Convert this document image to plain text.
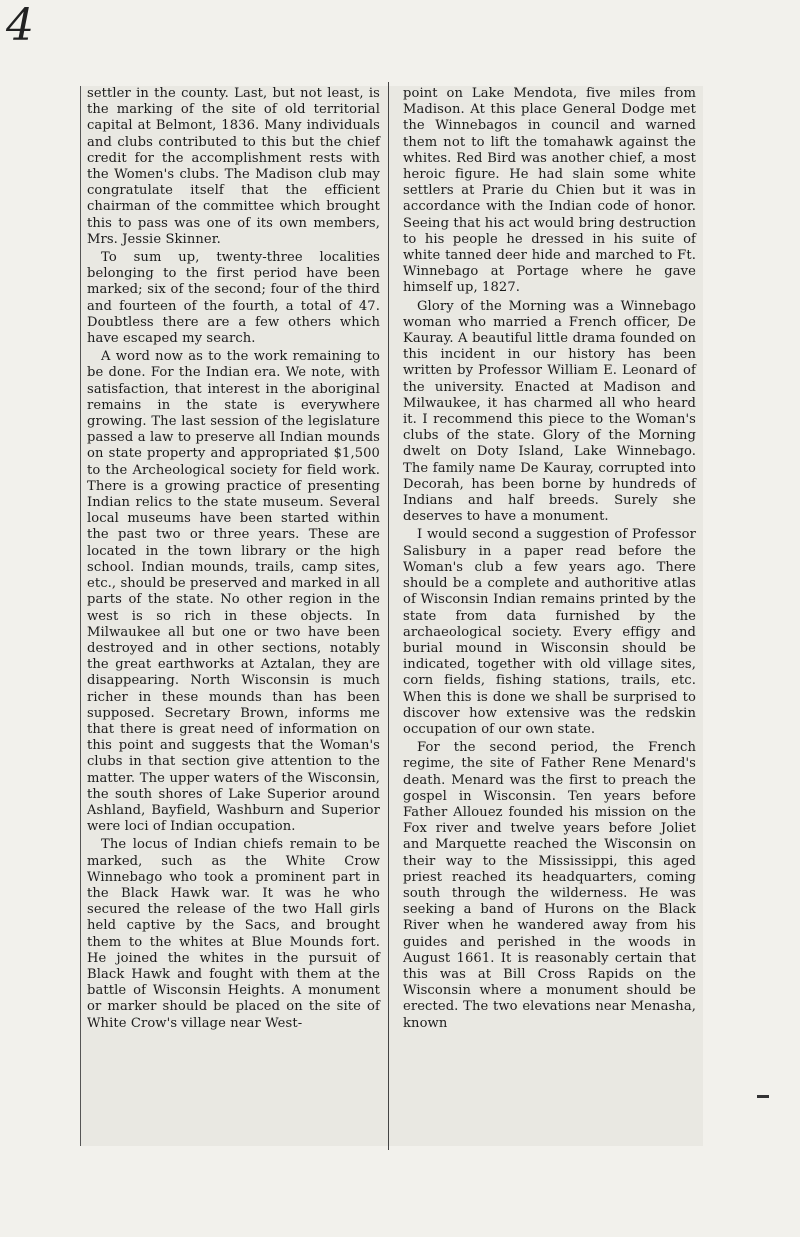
4

settler in the county. Last, but not least, is the marking of the site of old territorial capital at Belmont, 1836. Many individuals and clubs contributed to this but the chief credit for the accomplishment rests with the Women's clubs. The Madison club may congratulate itself that the efficient chairman of the committee which brought this to pass was one of its own members, Mrs. Jessie Skinner.

To sum up, twenty-three localities belonging to the first period have been marked; six of the second; four of the third and fourteen of the fourth, a total of 47. Doubtless there are a few others which have escaped my search.

A word now as to the work remaining to be done. For the Indian era. We note, with satisfaction, that interest in the aboriginal remains in the state is everywhere growing. The last session of the legislature passed a law to preserve all Indian mounds on state property and appropriated $1,500 to the Archeological society for field work. There is a growing practice of presenting Indian relics to the state museum. Several local museums have been started within the past two or three years. These are located in the town library or the high school. Indian mounds, trails, camp sites, etc., should be preserved and marked in all parts of the state. No other region in the west is so rich in these objects. In Milwaukee all but one or two have been destroyed and in other sections, notably the great earthworks at Aztalan, they are disappearing. North Wisconsin is much richer in these mounds than has been supposed. Secretary Brown, informs me that there is great need of information on this point and suggests that the Woman's clubs in that section give attention to the matter. The upper waters of the Wisconsin, the south shores of Lake Superior around Ashland, Bayfield, Washburn and Superior were loci of Indian occupation.

The locus of Indian chiefs remain to be marked, such as the White Crow Winnebago who took a prominent part in the Black Hawk war. It was he who secured the release of the two Hall girls held captive by the Sacs, and brought them to the whites at Blue Mounds fort. He joined the whites in the pursuit of Black Hawk and fought with them at the battle of Wisconsin Heights. A monument or marker should be placed on the site of White Crow's village near West-

point on Lake Mendota, five miles from Madison. At this place General Dodge met the Winnebagos in council and warned them not to lift the tomahawk against the whites. Red Bird was another chief, a most heroic figure. He had slain some white settlers at Prarie du Chien but it was in accordance with the Indian code of honor. Seeing that his act would bring destruction to his people he dressed in his suite of white tanned deer hide and marched to Ft. Winnebago at Portage where he gave himself up, 1827.

Glory of the Morning was a Winnebago woman who married a French officer, De Kauray. A beautiful little drama founded on this incident in our history has been written by Professor William E. Leonard of the university. Enacted at Madison and Milwaukee, it has charmed all who heard it. I recommend this piece to the Woman's clubs of the state. Glory of the Morning dwelt on Doty Island, Lake Winnebago. The family name De Kauray, corrupted into Decorah, has been borne by hundreds of Indians and half breeds. Surely she deserves to have a monument.

I would second a suggestion of Professor Salisbury in a paper read before the Woman's club a few years ago. There should be a complete and authoritive atlas of Wisconsin Indian remains printed by the state from data furnished by the archaeological society. Every effigy and burial mound in Wisconsin should be indicated, together with old village sites, corn fields, fishing stations, trails, etc. When this is done we shall be surprised to discover how extensive was the redskin occupation of our own state.

For the second period, the French regime, the site of Father Rene Menard's death. Menard was the first to preach the gospel in Wisconsin. Ten years before Father Allouez founded his mission on the Fox river and twelve years before Joliet and Marquette reached the Wisconsin on their way to the Mississippi, this aged priest reached its headquarters, coming south through the wilderness. He was seeking a band of Hurons on the Black River when he wandered away from his guides and perished in the woods in August 1661. It is reasonably certain that this was at Bill Cross Rapids on the Wisconsin where a monument should be erected. The two elevations near Menasha, known
